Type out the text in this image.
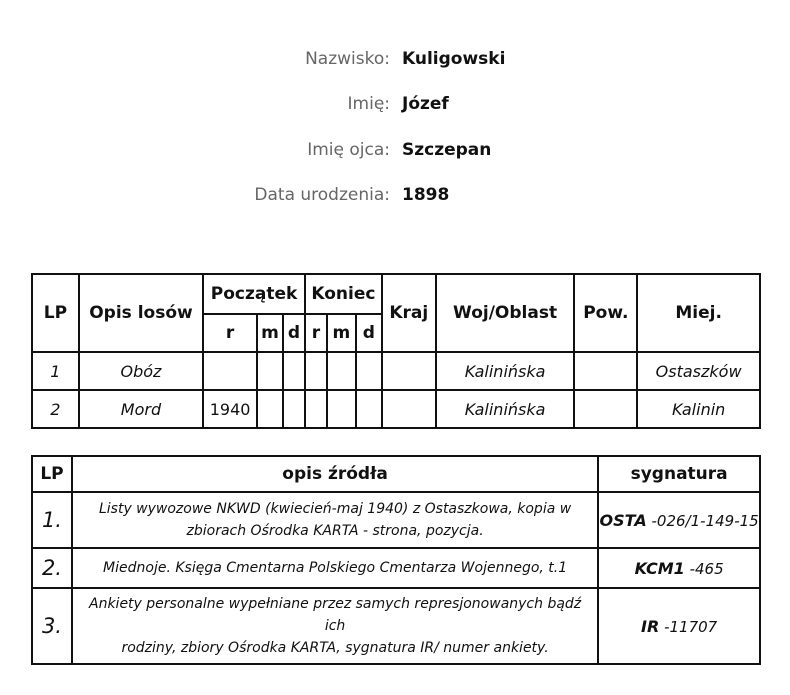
Nazwisko: Kuligowski
Imię: Józef
Imię ojca: Szczepan
Data urodzenia: 1898
LP	Opis losów	Początek			Koniec			Kraj	Woj/Oblast	Pow.	Miej.
		r	m	d	r	m	d				
1	Obóz								Kalinińska		Ostaszków
2	Mord	1940							Kalinińska		Kalinin
LP	opis źródła	sygnatura
1.	Listy wywozowe NKWD (kwiecień-maj 1940) z Ostaszkowa, kopia w
zbiorach Ośrodka KARTA - strona, pozycja.	OSTA -026/1-149-15
2.	Miednoje. Księga Cmentarna Polskiego Cmentarza Wojennego, t.1	KCM1 -465
3.	Ankiety personalne wypełniane przez samych represjonowanych bądź ich
rodziny, zbiory Ośrodka KARTA, sygnatura IR/ numer ankiety.	IR -11707
